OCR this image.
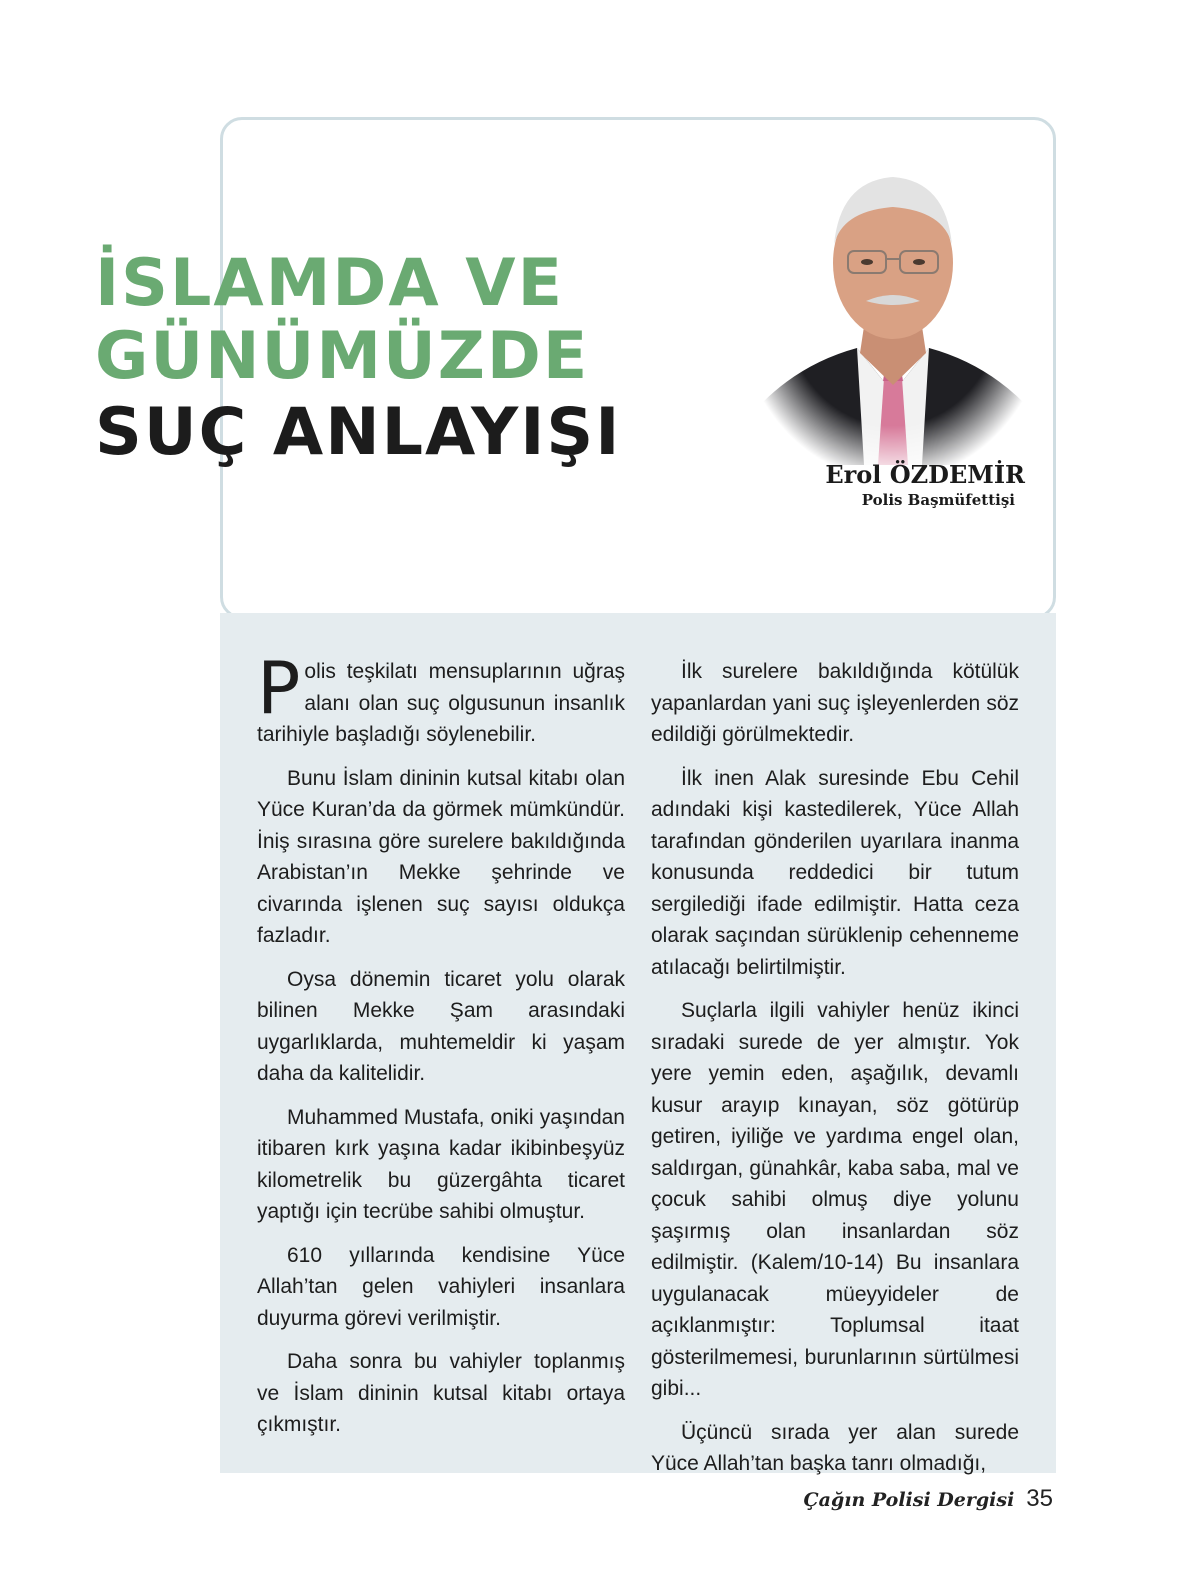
İSLAMDA VE
GÜNÜMÜZDE
SUÇ ANLAYIŞI
Erol ÖZDEMİR
Polis Başmüfettişi

Polis teşkilatı mensuplarının uğraş alanı olan suç olgusunun insanlık tarihiyle başladığı söylenebilir.

Bunu İslam dininin kutsal kitabı olan Yüce Kuran’da da görmek mümkündür. İniş sırasına göre surelere bakıldığında Arabistan’ın Mekke şehrinde ve civarında işlenen suç sayısı oldukça fazladır.

Oysa dönemin ticaret yolu olarak bilinen Mekke Şam arasındaki uygarlıklarda, muhtemeldir ki yaşam daha da kalitelidir.

Muhammed Mustafa, oniki yaşından itibaren kırk yaşına kadar ikibinbeşyüz kilometrelik bu güzergâhta ticaret yaptığı için tecrübe sahibi olmuştur.

610 yıllarında kendisine Yüce Allah’tan gelen vahiyleri insanlara duyurma görevi verilmiştir.

Daha sonra bu vahiyler toplanmış ve İslam dininin kutsal kitabı ortaya çıkmıştır.

İlk surelere bakıldığında kötülük yapanlardan yani suç işleyenlerden söz edildiği görülmektedir.

İlk inen Alak suresinde Ebu Cehil adındaki kişi kastedilerek, Yüce Allah tarafından gönderilen uyarılara inanma konusunda reddedici bir tutum sergilediği ifade edilmiştir. Hatta ceza olarak saçından sürüklenip cehenneme atılacağı belirtilmiştir.

Suçlarla ilgili vahiyler henüz ikinci sıradaki surede de yer almıştır. Yok yere yemin eden, aşağılık, devamlı kusur arayıp kınayan, söz götürüp getiren, iyiliğe ve yardıma engel olan, saldırgan, günahkâr, kaba saba, mal ve çocuk sahibi olmuş diye yolunu şaşırmış olan insanlardan söz edilmiştir. (Kalem/10-14) Bu insanlara uygulanacak müeyyideler de açıklanmıştır: Toplumsal itaat gösterilmemesi, burunlarının sürtülmesi gibi...

Üçüncü sırada yer alan surede Yüce Allah’tan başka tanrı olmadığı,

Çağın Polisi Dergisi 35
